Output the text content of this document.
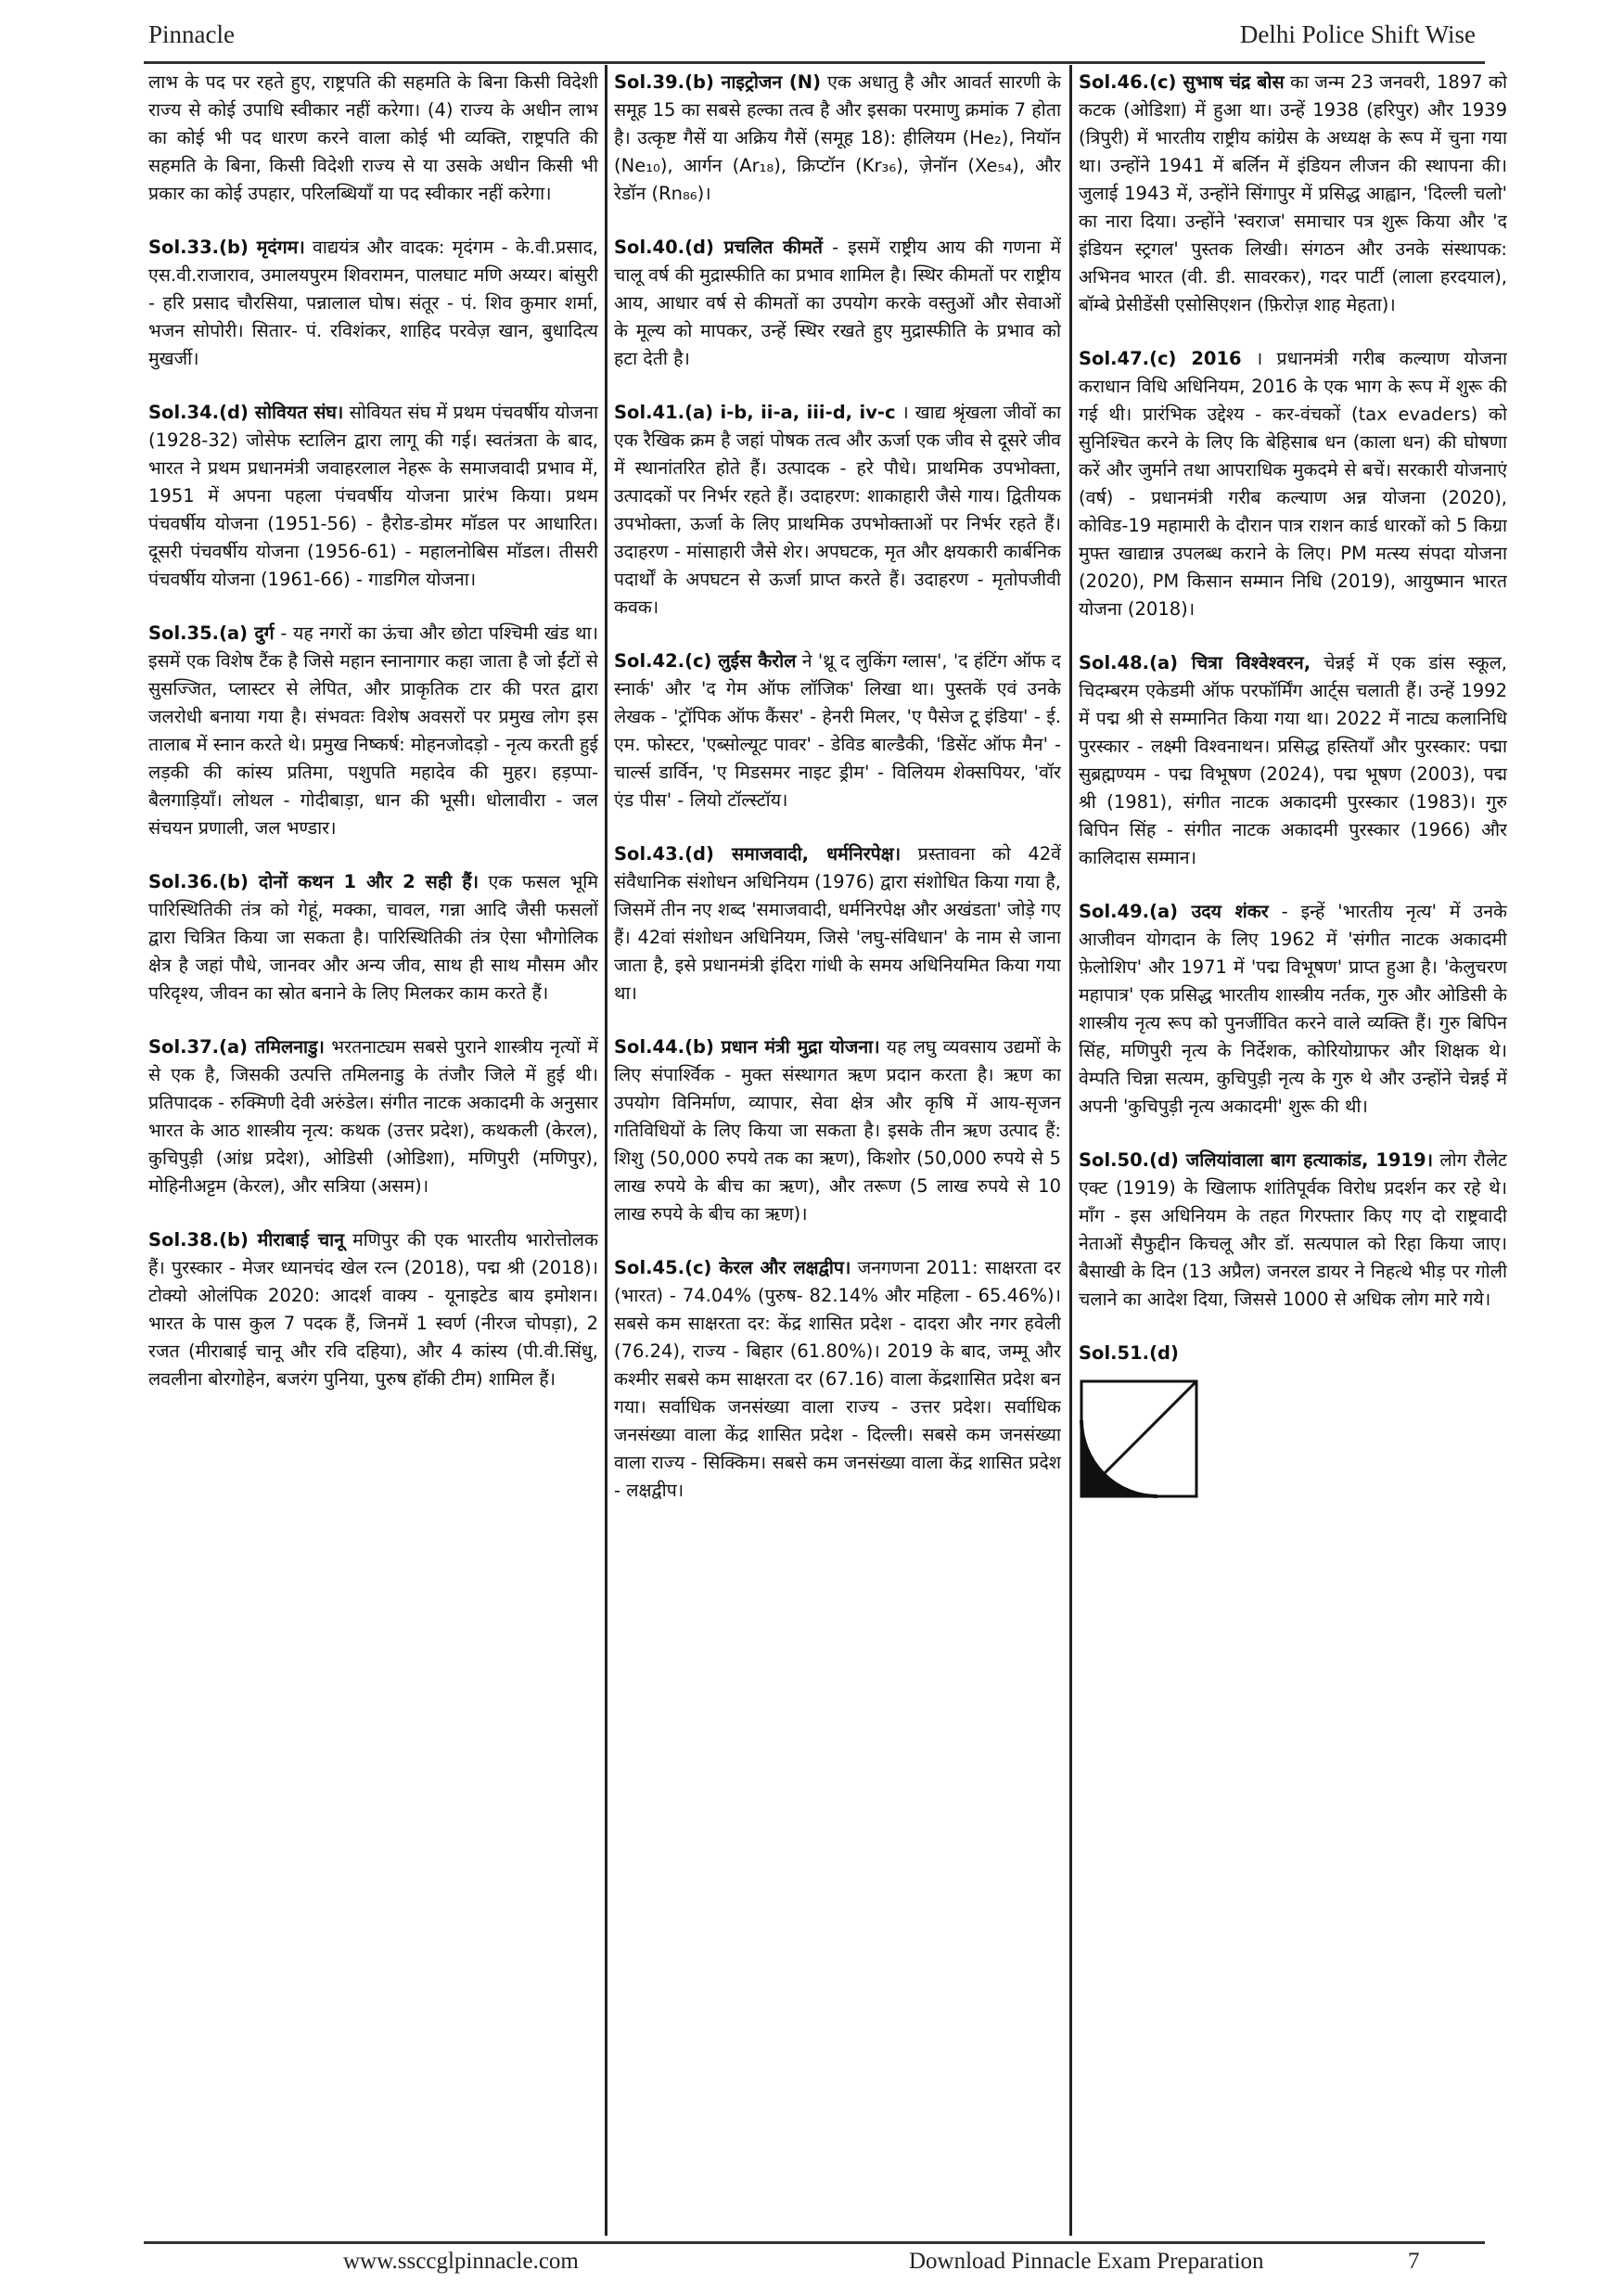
Pinnacle	Delhi Police Shift Wise

लाभ के पद पर रहते हुए, राष्ट्रपति की सहमति के बिना किसी विदेशी राज्य से कोई उपाधि स्वीकार नहीं करेगा। (4) राज्य के अधीन लाभ का कोई भी पद धारण करने वाला कोई भी व्यक्ति, राष्ट्रपति की सहमति के बिना, किसी विदेशी राज्य से या उसके अधीन किसी भी प्रकार का कोई उपहार, परिलब्धियाँ या पद स्वीकार नहीं करेगा।

Sol.33.(b) मृदंगम। वाद्ययंत्र और वादक: मृदंगम - के.वी.प्रसाद, एस.वी.राजाराव, उमालयपुरम शिवरामन, पालघाट मणि अय्यर। बांसुरी - हरि प्रसाद चौरसिया, पन्नालाल घोष। संतूर - पं. शिव कुमार शर्मा, भजन सोपोरी। सितार- पं. रविशंकर, शाहिद परवेज़ खान, बुधादित्य मुखर्जी।

Sol.34.(d) सोवियत संघ। सोवियत संघ में प्रथम पंचवर्षीय योजना (1928-32) जोसेफ स्टालिन द्वारा लागू की गई। स्वतंत्रता के बाद, भारत ने प्रथम प्रधानमंत्री जवाहरलाल नेहरू के समाजवादी प्रभाव में, 1951 में अपना पहला पंचवर्षीय योजना प्रारंभ किया। प्रथम पंचवर्षीय योजना (1951-56) - हैरोड-डोमर मॉडल पर आधारित। दूसरी पंचवर्षीय योजना (1956-61) - महालनोबिस मॉडल। तीसरी पंचवर्षीय योजना (1961-66) - गाडगिल योजना।

Sol.35.(a) दुर्ग - यह नगरों का ऊंचा और छोटा पश्चिमी खंड था। इसमें एक विशेष टैंक है जिसे महान स्नानागार कहा जाता है जो ईंटों से सुसज्जित, प्लास्टर से लेपित, और प्राकृतिक टार की परत द्वारा जलरोधी बनाया गया है। संभवतः विशेष अवसरों पर प्रमुख लोग इस तालाब में स्नान करते थे। प्रमुख निष्कर्ष: मोहनजोदड़ो - नृत्य करती हुई लड़की की कांस्य प्रतिमा, पशुपति महादेव की मुहर। हड़प्पा- बैलगाड़ियाँ। लोथल - गोदीबाड़ा, धान की भूसी। धोलावीरा - जल संचयन प्रणाली, जल भण्डार।

Sol.36.(b) दोनों कथन 1 और 2 सही हैं। एक फसल भूमि पारिस्थितिकी तंत्र को गेहूं, मक्का, चावल, गन्ना आदि जैसी फसलों द्वारा चित्रित किया जा सकता है। पारिस्थितिकी तंत्र ऐसा भौगोलिक क्षेत्र है जहां पौधे, जानवर और अन्य जीव, साथ ही साथ मौसम और परिदृश्य, जीवन का स्रोत बनाने के लिए मिलकर काम करते हैं।

Sol.37.(a) तमिलनाडु। भरतनाट्यम सबसे पुराने शास्त्रीय नृत्यों में से एक है, जिसकी उत्पत्ति तमिलनाडु के तंजौर जिले में हुई थी। प्रतिपादक - रुक्मिणी देवी अरुंडेल। संगीत नाटक अकादमी के अनुसार भारत के आठ शास्त्रीय नृत्य: कथक (उत्तर प्रदेश), कथकली (केरल), कुचिपुड़ी (आंध्र प्रदेश), ओडिसी (ओडिशा), मणिपुरी (मणिपुर), मोहिनीअट्टम (केरल), और सत्रिया (असम)।

Sol.38.(b) मीराबाई चानू मणिपुर की एक भारतीय भारोत्तोलक हैं। पुरस्कार - मेजर ध्यानचंद खेल रत्न (2018), पद्म श्री (2018)। टोक्यो ओलंपिक 2020: आदर्श वाक्य - यूनाइटेड बाय इमोशन। भारत के पास कुल 7 पदक हैं, जिनमें 1 स्वर्ण (नीरज चोपड़ा), 2 रजत (मीराबाई चानू और रवि दहिया), और 4 कांस्य (पी.वी.सिंधु, लवलीना बोरगोहेन, बजरंग पुनिया, पुरुष हॉकी टीम) शामिल हैं।

Sol.39.(b) नाइट्रोजन (N) एक अधातु है और आवर्त सारणी के समूह 15 का सबसे हल्का तत्व है और इसका परमाणु क्रमांक 7 होता है। उत्कृष्ट गैसें या अक्रिय गैसें (समूह 18): हीलियम (He₂), नियॉन (Ne₁₀), आर्गन (Ar₁₈), क्रिप्टॉन (Kr₃₆), ज़ेनॉन (Xe₅₄), और रेडॉन (Rn₈₆)।

Sol.40.(d) प्रचलित कीमतें - इसमें राष्ट्रीय आय की गणना में चालू वर्ष की मुद्रास्फीति का प्रभाव शामिल है। स्थिर कीमतों पर राष्ट्रीय आय, आधार वर्ष से कीमतों का उपयोग करके वस्तुओं और सेवाओं के मूल्य को मापकर, उन्हें स्थिर रखते हुए मुद्रास्फीति के प्रभाव को हटा देती है।

Sol.41.(a) i-b, ii-a, iii-d, iv-c । खाद्य श्रृंखला जीवों का एक रैखिक क्रम है जहां पोषक तत्व और ऊर्जा एक जीव से दूसरे जीव में स्थानांतरित होते हैं। उत्पादक - हरे पौधे। प्राथमिक उपभोक्ता, उत्पादकों पर निर्भर रहते हैं। उदाहरण: शाकाहारी जैसे गाय। द्वितीयक उपभोक्ता, ऊर्जा के लिए प्राथमिक उपभोक्ताओं पर निर्भर रहते हैं। उदाहरण - मांसाहारी जैसे शेर। अपघटक, मृत और क्षयकारी कार्बनिक पदार्थों के अपघटन से ऊर्जा प्राप्त करते हैं। उदाहरण - मृतोपजीवी कवक।

Sol.42.(c) लुईस कैरोल ने 'थ्रू द लुकिंग ग्लास', 'द हंटिंग ऑफ द स्नार्क' और 'द गेम ऑफ लॉजिक' लिखा था। पुस्तकें एवं उनके लेखक - 'ट्रॉपिक ऑफ कैंसर' - हेनरी मिलर, 'ए पैसेज टू इंडिया' - ई. एम. फोस्टर, 'एब्सोल्यूट पावर' - डेविड बाल्डैकी, 'डिसेंट ऑफ मैन' - चार्ल्स डार्विन, 'ए मिडसमर नाइट ड्रीम' - विलियम शेक्सपियर, 'वॉर एंड पीस' - लियो टॉल्स्टॉय।

Sol.43.(d) समाजवादी, धर्मनिरपेक्ष। प्रस्तावना को 42वें संवैधानिक संशोधन अधिनियम (1976) द्वारा संशोधित किया गया है, जिसमें तीन नए शब्द 'समाजवादी, धर्मनिरपेक्ष और अखंडता' जोड़े गए हैं। 42वां संशोधन अधिनियम, जिसे 'लघु-संविधान' के नाम से जाना जाता है, इसे प्रधानमंत्री इंदिरा गांधी के समय अधिनियमित किया गया था।

Sol.44.(b) प्रधान मंत्री मुद्रा योजना। यह लघु व्यवसाय उद्यमों के लिए संपार्श्विक - मुक्त संस्थागत ऋण प्रदान करता है। ऋण का उपयोग विनिर्माण, व्यापार, सेवा क्षेत्र और कृषि में आय-सृजन गतिविधियों के लिए किया जा सकता है। इसके तीन ऋण उत्पाद हैं: शिशु (50,000 रुपये तक का ऋण), किशोर (50,000 रुपये से 5 लाख रुपये के बीच का ऋण), और तरूण (5 लाख रुपये से 10 लाख रुपये के बीच का ऋण)।

Sol.45.(c) केरल और लक्षद्वीप। जनगणना 2011: साक्षरता दर (भारत) - 74.04% (पुरुष- 82.14% और महिला - 65.46%)। सबसे कम साक्षरता दर: केंद्र शासित प्रदेश - दादरा और नगर हवेली (76.24), राज्य - बिहार (61.80%)। 2019 के बाद, जम्मू और कश्मीर सबसे कम साक्षरता दर (67.16) वाला केंद्रशासित प्रदेश बन गया। सर्वाधिक जनसंख्या वाला राज्य - उत्तर प्रदेश। सर्वाधिक जनसंख्या वाला केंद्र शासित प्रदेश - दिल्ली। सबसे कम जनसंख्या वाला राज्य - सिक्किम। सबसे कम जनसंख्या वाला केंद्र शासित प्रदेश - लक्षद्वीप।

Sol.46.(c) सुभाष चंद्र बोस का जन्म 23 जनवरी, 1897 को कटक (ओडिशा) में हुआ था। उन्हें 1938 (हरिपुर) और 1939 (त्रिपुरी) में भारतीय राष्ट्रीय कांग्रेस के अध्यक्ष के रूप में चुना गया था। उन्होंने 1941 में बर्लिन में इंडियन लीजन की स्थापना की। जुलाई 1943 में, उन्होंने सिंगापुर में प्रसिद्ध आह्वान, 'दिल्ली चलो' का नारा दिया। उन्होंने 'स्वराज' समाचार पत्र शुरू किया और 'द इंडियन स्ट्रगल' पुस्तक लिखी। संगठन और उनके संस्थापक: अभिनव भारत (वी. डी. सावरकर), गदर पार्टी (लाला हरदयाल), बॉम्बे प्रेसीडेंसी एसोसिएशन (फ़िरोज़ शाह मेहता)।

Sol.47.(c) 2016 । प्रधानमंत्री गरीब कल्याण योजना कराधान विधि अधिनियम, 2016 के एक भाग के रूप में शुरू की गई थी। प्रारंभिक उद्देश्य - कर-वंचकों (tax evaders) को सुनिश्चित करने के लिए कि बेहिसाब धन (काला धन) की घोषणा करें और जुर्माने तथा आपराधिक मुकदमे से बचें। सरकारी योजनाएं (वर्ष) - प्रधानमंत्री गरीब कल्याण अन्न योजना (2020), कोविड-19 महामारी के दौरान पात्र राशन कार्ड धारकों को 5 किग्रा मुफ्त खाद्यान्न उपलब्ध कराने के लिए। PM मत्स्य संपदा योजना (2020), PM किसान सम्मान निधि (2019), आयुष्मान भारत योजना (2018)।

Sol.48.(a) चित्रा विश्वेश्वरन, चेन्नई में एक डांस स्कूल, चिदम्बरम एकेडमी ऑफ परफॉर्मिंग आर्ट्स चलाती हैं। उन्हें 1992 में पद्म श्री से सम्मानित किया गया था। 2022 में नाट्य कलानिधि पुरस्कार - लक्ष्मी विश्वनाथन। प्रसिद्ध हस्तियाँ और पुरस्कार: पद्मा सुब्रह्मण्यम - पद्म विभूषण (2024), पद्म भूषण (2003), पद्म श्री (1981), संगीत नाटक अकादमी पुरस्कार (1983)। गुरु बिपिन सिंह - संगीत नाटक अकादमी पुरस्कार (1966) और कालिदास सम्मान।

Sol.49.(a) उदय शंकर - इन्हें 'भारतीय नृत्य' में उनके आजीवन योगदान के लिए 1962 में 'संगीत नाटक अकादमी फ़ेलोशिप' और 1971 में 'पद्म विभूषण' प्राप्त हुआ है। 'केलुचरण महापात्र' एक प्रसिद्ध भारतीय शास्त्रीय नर्तक, गुरु और ओडिसी के शास्त्रीय नृत्य रूप को पुनर्जीवित करने वाले व्यक्ति हैं। गुरु बिपिन सिंह, मणिपुरी नृत्य के निर्देशक, कोरियोग्राफर और शिक्षक थे। वेम्पति चिन्ना सत्यम, कुचिपुड़ी नृत्य के गुरु थे और उन्होंने चेन्नई में अपनी 'कुचिपुड़ी नृत्य अकादमी' शुरू की थी।

Sol.50.(d) जलियांवाला बाग हत्याकांड, 1919। लोग रौलेट एक्ट (1919) के खिलाफ शांतिपूर्वक विरोध प्रदर्शन कर रहे थे। माँग - इस अधिनियम के तहत गिरफ्तार किए गए दो राष्ट्रवादी नेताओं सैफुद्दीन किचलू और डॉ. सत्यपाल को रिहा किया जाए। बैसाखी के दिन (13 अप्रैल) जनरल डायर ने निहत्थे भीड़ पर गोली चलाने का आदेश दिया, जिससे 1000 से अधिक लोग मारे गये।

Sol.51.(d)

www.ssccglpinnacle.com	Download Pinnacle Exam Preparation	7
